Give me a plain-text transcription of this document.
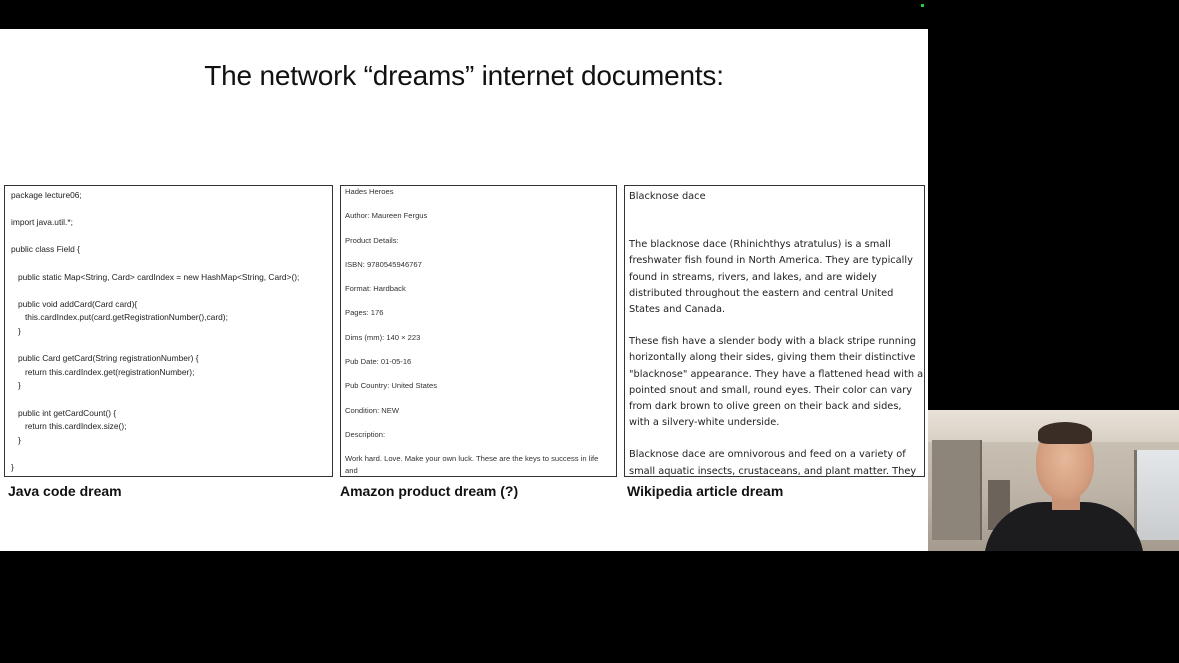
The network “dreams” internet documents:
package lecture06;
import java.util.*;
public class Field {
public static Map<String, Card> cardIndex = new HashMap<String, Card>();
public void addCard(Card card){
this.cardIndex.put(card.getRegistrationNumber(),card);
}
public Card getCard(String registrationNumber) {
return this.cardIndex.get(registrationNumber);
}
public int getCardCount() {
return this.cardIndex.size();
}
}
Hades Heroes
Author: Maureen Fergus
Product Details:
ISBN: 9780545946767
Format: Hardback
Pages: 176
Dims (mm): 140 × 223
Pub Date: 01-05-16
Pub Country: United States
Condition: NEW
Description:

Work hard. Love. Make your own luck. These are the keys to success in life and

Blacknose dace

The blacknose dace (Rhinichthys atratulus) is a small freshwater fish found in North America. They are typically found in streams, rivers, and lakes, and are widely distributed throughout the eastern and central United States and Canada.

These fish have a slender body with a black stripe running horizontally along their sides, giving them their distinctive "blacknose" appearance. They have a flattened head with a pointed snout and small, round eyes. Their color can vary from dark brown to olive green on their back and sides, with a silvery-white underside.

Blacknose dace are omnivorous and feed on a variety of small aquatic insects, crustaceans, and plant matter. They

Java code dream	Amazon product dream (?)	Wikipedia article dream
